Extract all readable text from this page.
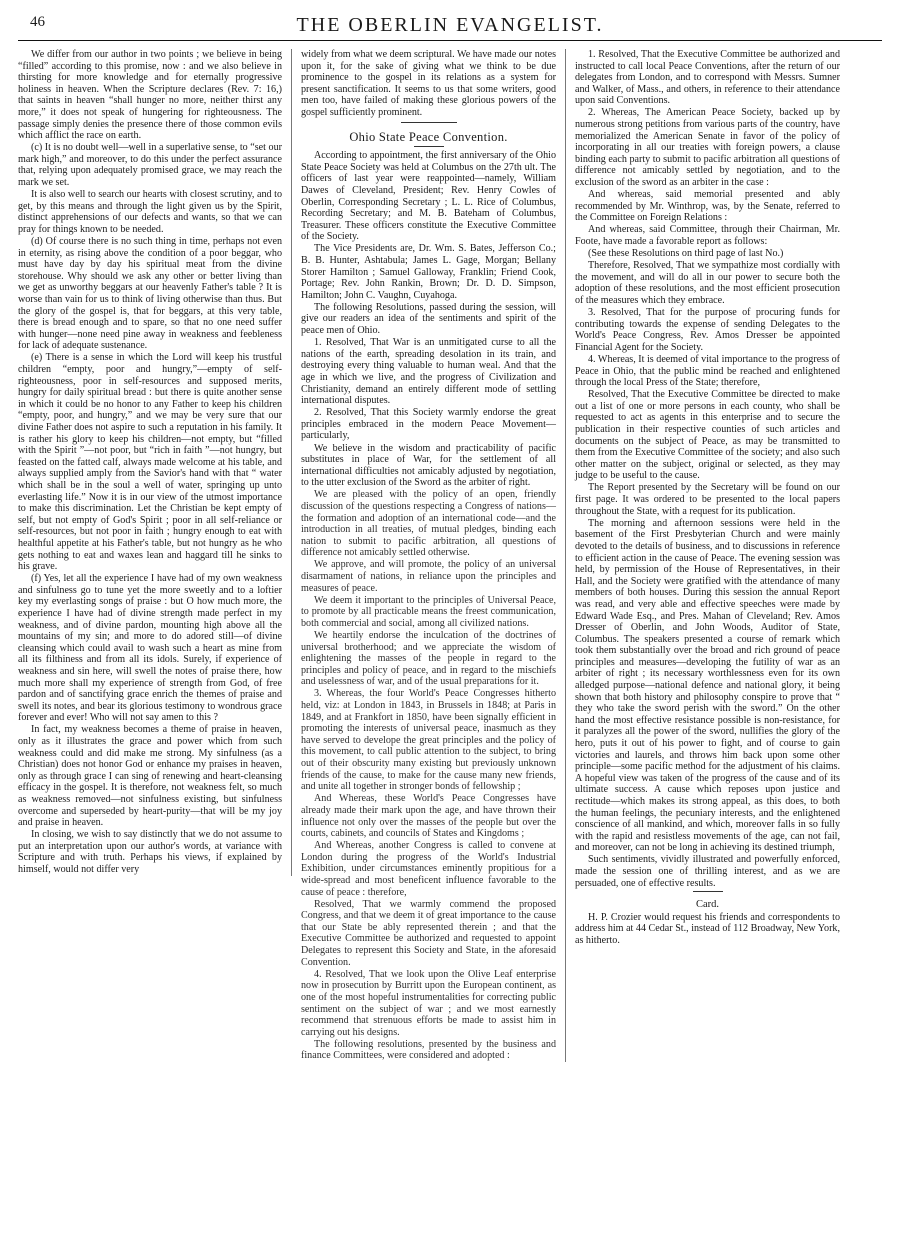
46	THE OBERLIN EVANGELIST.

We differ from our author in two points ; we believe in being “filled” according to this promise, now : and we also believe in thirsting for more knowledge and for eternally progressive holiness in heaven. When the Scripture declares (Rev. 7: 16,) that saints in heaven “shall hunger no more, neither thirst any more,” it does not speak of hungering for righteousness. The passage simply denies the presence there of those common evils which afflict the race on earth.

(c) It is no doubt well—well in a superlative sense, to “set our mark high,” and moreover, to do this under the perfect assurance that, relying upon adequately promised grace, we may reach the mark we set.

It is also well to search our hearts with closest scrutiny, and to get, by this means and through the light given us by the Spirit, distinct apprehensions of our defects and wants, so that we can pray for things known to be needed.

(d) Of course there is no such thing in time, perhaps not even in eternity, as rising above the condition of a poor beggar, who must have day by day his spiritual meat from the divine storehouse. Why should we ask any other or better living than we get as unworthy beggars at our heavenly Father's table ? It is worse than vain for us to think of living otherwise than thus. But the glory of the gospel is, that for beggars, at this very table, there is bread enough and to spare, so that no one need suffer with hunger—none need pine away in weakness and feebleness for lack of adequate sustenance.

(e) There is a sense in which the Lord will keep his trustful children “empty, poor and hungry,”—empty of self-righteousness, poor in self-resources and supposed merits, hungry for daily spiritual bread : but there is quite another sense in which it could be no honor to any Father to keep his children “empty, poor, and hungry,” and we may be very sure that our divine Father does not aspire to such a reputation in his family. It is rather his glory to keep his children—not empty, but “filled with the Spirit ”—not poor, but “rich in faith ”—not hungry, but feasted on the fatted calf, always made welcome at his table, and always supplied amply from the Savior's hand with that “ water which shall be in the soul a well of water, springing up unto everlasting life.” Now it is in our view of the utmost importance to make this discrimination. Let the Christian be kept empty of self, but not empty of God's Spirit ; poor in all self-reliance or self-resources, but not poor in faith ; hungry enough to eat with healthful appetite at his Father's table, but not hungry as he who gets nothing to eat and waxes lean and haggard till he sinks to his grave.

(f) Yes, let all the experience I have had of my own weakness and sinfulness go to tune yet the more sweetly and to a loftier key my everlasting songs of praise : but O how much more, the experience I have had of divine strength made perfect in my weakness, and of divine pardon, mounting high above all the mountains of my sin; and more to do adored still—of divine cleansing which could avail to wash such a heart as mine from all its filthiness and from all its idols. Surely, if experience of weakness and sin here, will swell the notes of praise there, how much more shall my experience of strength from God, of free pardon and of sanctifying grace enrich the themes of praise and swell its notes, and bear its glorious testimony to wondrous grace forever and ever! Who will not say amen to this ?

In fact, my weakness becomes a theme of praise in heaven, only as it illustrates the grace and power which from such weakness could and did make me strong. My sinfulness (as a Christian) does not honor God or enhance my praises in heaven, only as through grace I can sing of renewing and heart-cleansing efficacy in the gospel. It is therefore, not weakness felt, so much as weakness removed—not sinfulness existing, but sinfulness overcome and superseded by heart-purity—that will be my joy and praise in heaven.

In closing, we wish to say distinctly that we do not assume to put an interpretation upon our author's words, at variance with Scripture and with truth. Perhaps his views, if explained by himself, would not differ very

widely from what we deem scriptural. We have made our notes upon it, for the sake of giving what we think to be due prominence to the gospel in its relations as a system for present sanctification. It seems to us that some writers, good men too, have failed of making these glorious powers of the gospel sufficiently prominent.

Ohio State Peace Convention.

According to appointment, the first anniversary of the Ohio State Peace Society was held at Columbus on the 27th ult. The officers of last year were reappointed—namely, William Dawes of Cleveland, President; Rev. Henry Cowles of Oberlin, Corresponding Secretary ; L. L. Rice of Columbus, Recording Secretary; and M. B. Bateham of Columbus, Treasurer. These officers constitute the Executive Committee of the Society.

The Vice Presidents are, Dr. Wm. S. Bates, Jefferson Co.; B. B. Hunter, Ashtabula; James L. Gage, Morgan; Bellany Storer Hamilton ; Samuel Galloway, Franklin; Friend Cook, Portage; Rev. John Rankin, Brown; Dr. D. D. Simpson, Hamilton; John C. Vaughn, Cuyahoga.

The following Resolutions, passed during the session, will give our readers an idea of the sentiments and spirit of the peace men of Ohio.

1. Resolved, That War is an unmitigated curse to all the nations of the earth, spreading desolation in its train, and destroying every thing valuable to human weal. And that the age in which we live, and the progress of Civilization and Christianity, demand an entirely different mode of settling international disputes.

2. Resolved, That this Society warmly endorse the great principles embraced in the modern Peace Movement—particularly,

We believe in the wisdom and practicability of pacific substitutes in place of War, for the settlement of all international difficulties not amicably adjusted by negotiation, to the utter exclusion of the Sword as the arbiter of right.

We are pleased with the policy of an open, friendly discussion of the questions respecting a Congress of nations—the formation and adoption of an international code—and the introduction in all treaties, of mutual pledges, binding each nation to submit to pacific arbitration, all questions of difference not amicably settled otherwise.

We approve, and will promote, the policy of an universal disarmament of nations, in reliance upon the principles and measures of peace.

We deem it important to the principles of Universal Peace, to promote by all practicable means the freest communication, both commercial and social, among all civilized nations.

We heartily endorse the inculcation of the doctrines of universal brotherhood; and we appreciate the wisdom of enlightening the masses of the people in regard to the principles and policy of peace, and in regard to the mischiefs and uselessness of war, and of the usual preparations for it.

3. Whereas, the four World's Peace Congresses hitherto held, viz: at London in 1843, in Brussels in 1848; at Paris in 1849, and at Frankfort in 1850, have been signally efficient in promoting the interests of universal peace, inasmuch as they have served to develope the great principles and the policy of this movement, to call public attention to the subject, to bring out of their obscurity many existing but previously unknown friends of the cause, to make for the cause many new friends, and unite all together in stronger bonds of fellowship ;

And Whereas, these World's Peace Congresses have already made their mark upon the age, and have thrown their influence not only over the masses of the people but over the courts, cabinets, and councils of States and Kingdoms ;

And Whereas, another Congress is called to convene at London during the progress of the World's Industrial Exhibition, under circumstances eminently propitious for a wide-spread and most beneficent influence favorable to the cause of peace : therefore,

Resolved, That we warmly commend the proposed Congress, and that we deem it of great importance to the cause that our State be ably represented therein ; and that the Executive Committee be authorized and requested to appoint Delegates to represent this Society and State, in the aforesaid Convention.

4. Resolved, That we look upon the Olive Leaf enterprise now in prosecution by Burritt upon the European continent, as one of the most hopeful instrumentalities for correcting public sentiment on the subject of war ; and we most earnestly recommend that strenuous efforts be made to assist him in carrying out his designs.

The following resolutions, presented by the business and finance Committees, were considered and adopted :

1. Resolved, That the Executive Committee be authorized and instructed to call local Peace Conventions, after the return of our delegates from London, and to correspond with Messrs. Sumner and Walker, of Mass., and others, in reference to their attendance upon said Conventions.

2. Whereas, The American Peace Society, backed up by numerous strong petitions from various parts of the country, have memorialized the American Senate in favor of the policy of incorporating in all our treaties with foreign powers, a clause binding each party to submit to pacific arbitration all questions of difference not amicably settled by negotiation, and to the exclusion of the sword as an arbiter in the case :

And whereas, said memorial presented and ably recommended by Mr. Winthrop, was, by the Senate, referred to the Committee on Foreign Relations :

And whereas, said Committee, through their Chairman, Mr. Foote, have made a favorable report as follows:

(See these Resolutions on third page of last No.)

Therefore, Resolved, That we sympathize most cordially with the movement, and will do all in our power to secure both the adoption of these resolutions, and the most efficient prosecution of the measures which they embrace.

3. Resolved, That for the purpose of procuring funds for contributing towards the expense of sending Delegates to the World's Peace Congress, Rev. Amos Dresser be appointed Financial Agent for the Society.

4. Whereas, It is deemed of vital importance to the progress of Peace in Ohio, that the public mind be reached and enlightened through the local Press of the State; therefore,

Resolved, That the Executive Committee be directed to make out a list of one or more persons in each county, who shall be requested to act as agents in this enterprise and to secure the publication in their respective counties of such articles and documents on the subject of Peace, as may be transmitted to them from the Executive Committee of the society; and also such other matter on the subject, original or selected, as they may judge to be useful to the cause.

The Report presented by the Secretary will be found on our first page. It was ordered to be presented to the local papers throughout the State, with a request for its publication.

The morning and afternoon sessions were held in the basement of the First Presbyterian Church and were mainly devoted to the details of business, and to discussions in reference to efficient action in the cause of Peace. The evening session was held, by permission of the House of Representatives, in their Hall, and the Society were gratified with the attendance of many members of both houses. During this session the annual Report was read, and very able and effective speeches were made by Edward Wade Esq., and Pres. Mahan of Cleveland; Rev. Amos Dresser of Oberlin, and John Woods, Auditor of State, Columbus. The speakers presented a course of remark which took them substantially over the broad and rich ground of peace principles and measures—developing the futility of war as an arbiter of right ; its necessary worthlessness even for its own alledged purpose—national defence and national glory, it being shown that both history and philosophy conspire to prove that “ they who take the sword perish with the sword.” On the other hand the most effective resistance possible is non-resistance, for it paralyzes all the power of the sword, nullifies the glory of the hero, puts it out of his power to fight, and of course to gain victories and laurels, and throws him back upon some other principle—some pacific method for the adjustment of his claims. A hopeful view was taken of the progress of the cause and of its ultimate success. A cause which reposes upon justice and rectitude—which makes its strong appeal, as this does, to both the human feelings, the pecuniary interests, and the enlightened conscience of all mankind, and which, moreover falls in so fully with the rapid and resistless movements of the age, can not fail, and moreover, can not be long in achieving its destined triumph,

Such sentiments, vividly illustrated and powerfully enforced, made the session one of thrilling interest, and as we are persuaded, one of effective results.

Card.

H. P. Crozier would request his friends and correspondents to address him at 44 Cedar St., instead of 112 Broadway, New York, as hitherto.
